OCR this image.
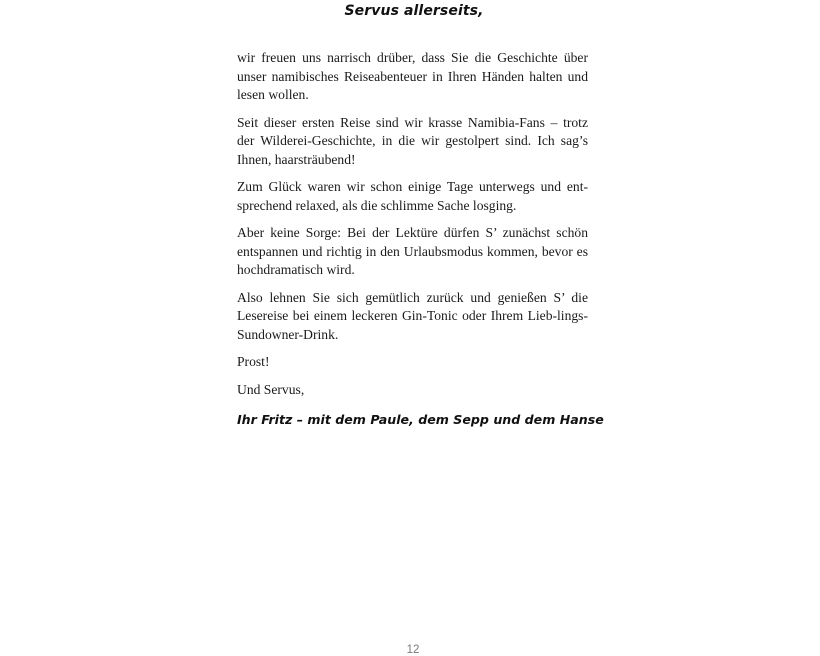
Servus allerseits,

wir freuen uns narrisch drüber, dass Sie die Geschichte über unser namibisches Reiseabenteuer in Ihren Händen halten und lesen wollen.

Seit dieser ersten Reise sind wir krasse Namibia-Fans – trotz der Wilderei-Geschichte, in die wir gestolpert sind. Ich sag’s Ihnen, haarsträubend!

Zum Glück waren wir schon einige Tage unterwegs und ent-sprechend relaxed, als die schlimme Sache losging.

Aber keine Sorge: Bei der Lektüre dürfen S’ zunächst schön entspannen und richtig in den Urlaubsmodus kommen, bevor es hochdramatisch wird.

Also lehnen Sie sich gemütlich zurück und genießen S’ die Lesereise bei einem leckeren Gin-Tonic oder Ihrem Lieb-lings-Sundowner-Drink.

Prost!

Und Servus,

Ihr Fritz – mit dem Paule, dem Sepp und dem Hanse
12
